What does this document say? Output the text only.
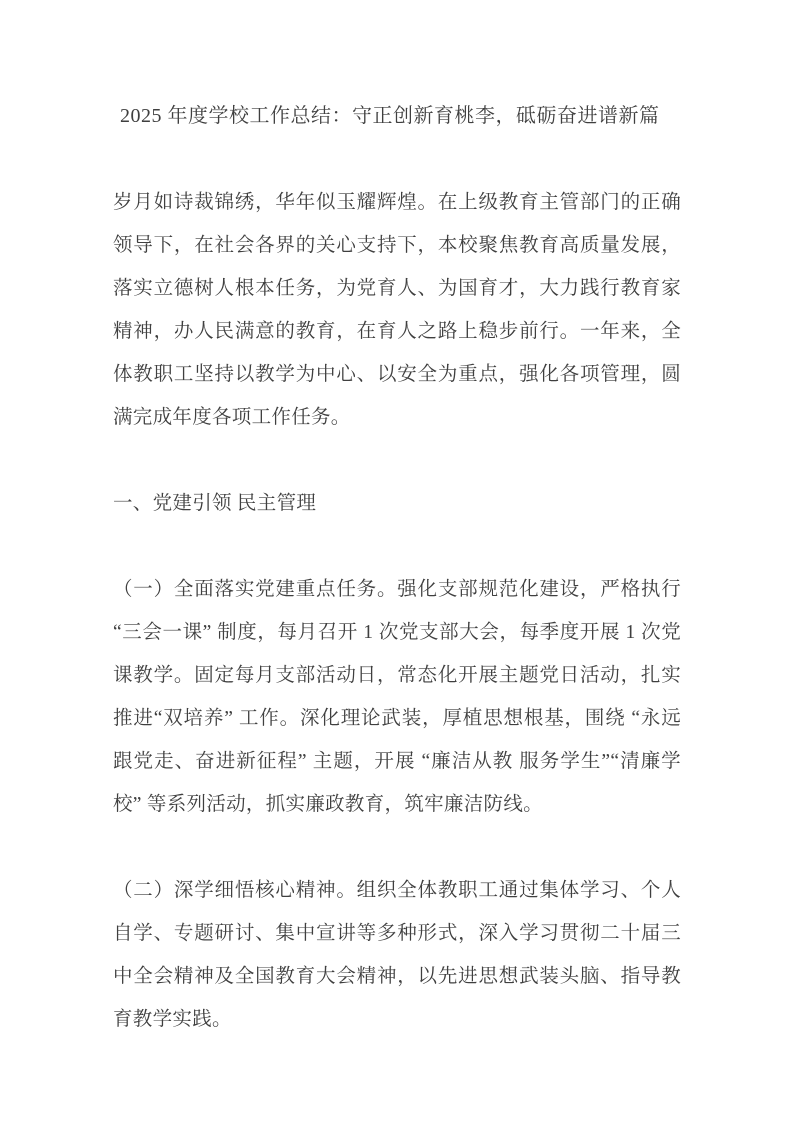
2025 年度学校工作总结：守正创新育桃李，砥砺奋进谱新篇

岁月如诗裁锦绣，华年似玉耀辉煌。在上级教育主管部门的正确领导下，在社会各界的关心支持下，本校聚焦教育高质量发展，落实立德树人根本任务，为党育人、为国育才，大力践行教育家精神，办人民满意的教育，在育人之路上稳步前行。一年来，全体教职工坚持以教学为中心、以安全为重点，强化各项管理，圆满完成年度各项工作任务。

一、党建引领 民主管理

（一）全面落实党建重点任务。强化支部规范化建设，严格执行 “三会一课” 制度，每月召开 1 次党支部大会，每季度开展 1 次党课教学。固定每月支部活动日，常态化开展主题党日活动，扎实推进“双培养” 工作。深化理论武装，厚植思想根基，围绕 “永远跟党走、奋进新征程” 主题，开展 “廉洁从教 服务学生”“清廉学校” 等系列活动，抓实廉政教育，筑牢廉洁防线。

（二）深学细悟核心精神。组织全体教职工通过集体学习、个人自学、专题研讨、集中宣讲等多种形式，深入学习贯彻二十届三中全会精神及全国教育大会精神，以先进思想武装头脑、指导教育教学实践。
